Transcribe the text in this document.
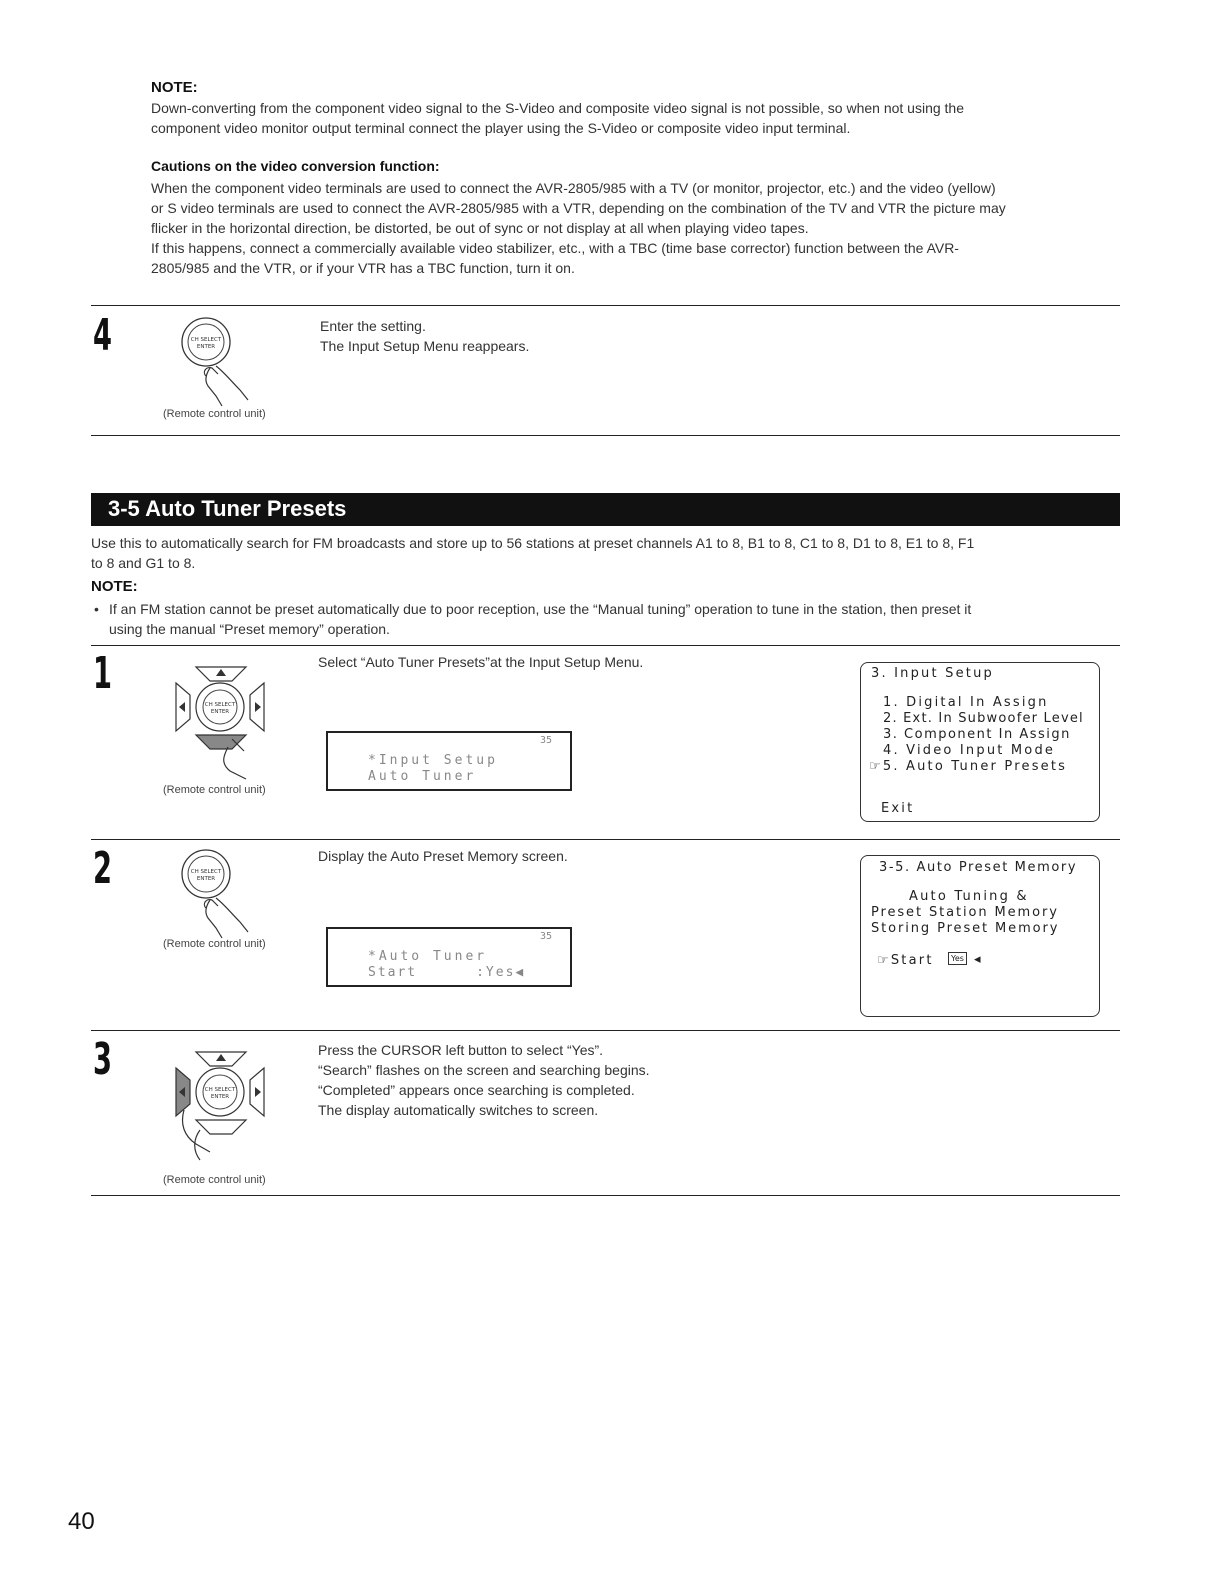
NOTE:
Down-converting from the component video signal to the S-Video and composite video signal is not possible, so when not using the
component video monitor output terminal connect the player using the S-Video or composite video input terminal.
Cautions on the video conversion function:
When the component video terminals are used to connect the AVR-2805/985 with a TV (or monitor, projector, etc.) and the video (yellow)
or S video terminals are used to connect the AVR-2805/985 with a VTR, depending on the combination of the TV and VTR the picture may
flicker in the horizontal direction, be distorted, be out of sync or not display at all when playing video tapes.
If this happens, connect a commercially available video stabilizer, etc., with a TBC (time base corrector) function between the AVR-
2805/985 and the VTR, or if your VTR has a TBC function, turn it on.
4	CH SELECT
ENTER
(Remote control unit)
Enter the setting.
The Input Setup Menu reappears.
3-5 Auto Tuner Presets
Use this to automatically search for FM broadcasts and store up to 56 stations at preset channels A1 to 8, B1 to 8, C1 to 8, D1 to 8, E1 to 8, F1
to 8 and G1 to 8.
NOTE:
• If an FM station cannot be preset automatically due to poor reception, use the “Manual tuning” operation to tune in the station, then preset it
using the manual “Preset memory” operation.
1
CH SELECT
ENTER
(Remote control unit)
Select “Auto Tuner Presets”at the Input Setup Menu.
35
*Input Setup
Auto Tuner
3. Input Setup
1. Digital In Assign
2. Ext. In Subwoofer Level
3. Component In Assign
4. Video Input Mode
☞5. Auto Tuner Presets
Exit
2	CH SELECT
ENTER
(Remote control unit)
Display the Auto Preset Memory screen.
35
*Auto Tuner
Start      :Yes◀
3-5. Auto Preset Memory
Auto Tuning &
Preset Station Memory
Storing Preset Memory
☞Start	Yes ◂
3
CH SELECT
ENTER
(Remote control unit)
Press the CURSOR left button to select “Yes”.
“Search” flashes on the screen and searching begins.
“Completed” appears once searching is completed.
The display automatically switches to screen.
40
